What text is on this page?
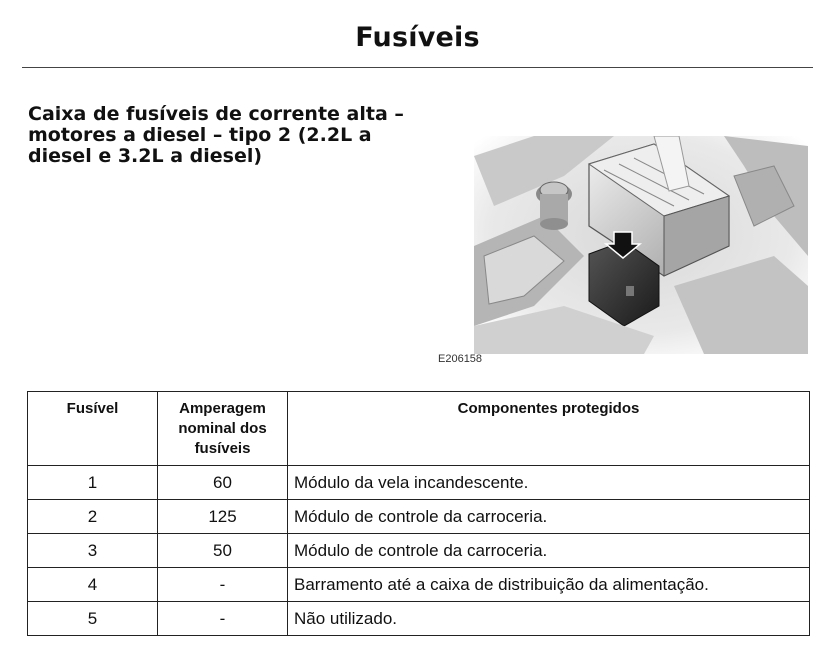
Fusíveis
Caixa de fusíveis de corrente alta – motores a diesel – tipo 2 (2.2L a diesel e 3.2L a diesel)
E206158
Fusível	Amperagem nominal dos fusíveis	Componentes protegidos
1	60	Módulo da vela incandescente.
2	125	Módulo de controle da carroceria.
3	50	Módulo de controle da carroceria.
4	-	Barramento até a caixa de distribuição da alimentação.
5	-	Não utilizado.
